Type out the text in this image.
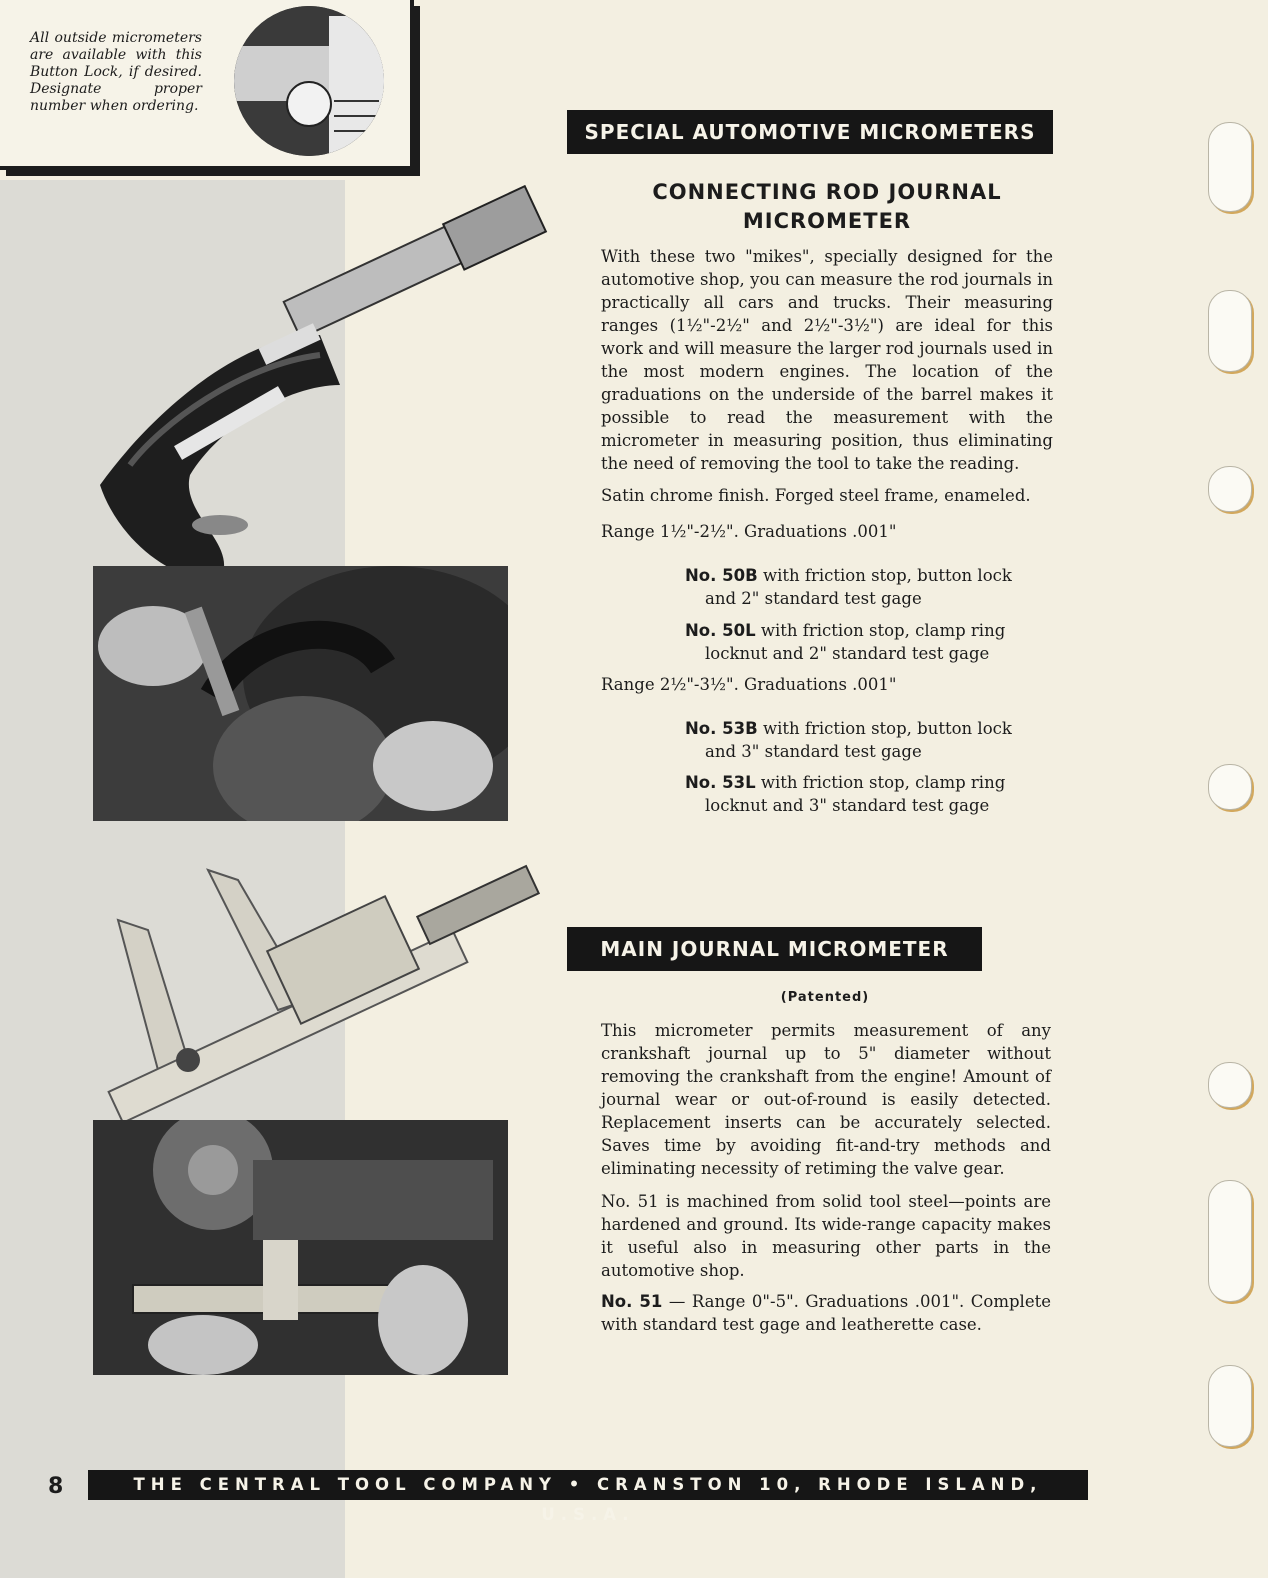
All outside micrometers are available with this Button Lock, if desired. Designate proper number when ordering.
SPECIAL AUTOMOTIVE MICROMETERS
CONNECTING ROD JOURNAL
MICROMETER
With these two "mikes", specially designed for the automotive shop, you can measure the rod journals in practically all cars and trucks. Their measuring ranges (1½"-2½" and 2½"-3½") are ideal for this work and will measure the larger rod journals used in the most modern engines. The location of the graduations on the underside of the barrel makes it possible to read the measurement with the micrometer in measuring position, thus eliminating the need of removing the tool to take the reading.
Satin chrome finish. Forged steel frame, enameled.
Range 1½"-2½". Graduations .001"
No. 50B with friction stop, button lock
and 2" standard test gage
No. 50L with friction stop, clamp ring
locknut and 2" standard test gage
Range 2½"-3½". Graduations .001"
No. 53B with friction stop, button lock
and 3" standard test gage
No. 53L with friction stop, clamp ring
locknut and 3" standard test gage
MAIN JOURNAL MICROMETER
(Patented)
This micrometer permits measurement of any crankshaft journal up to 5" diameter without removing the crankshaft from the engine! Amount of journal wear or out-of-round is easily detected. Replacement inserts can be accurately selected. Saves time by avoiding fit-and-try methods and eliminating necessity of retiming the valve gear.
No. 51 is machined from solid tool steel—points are hardened and ground. Its wide-range capacity makes it useful also in measuring other parts in the automotive shop.
No. 51 — Range 0"-5". Graduations .001". Complete with standard test gage and leatherette case.
8	THE CENTRAL TOOL COMPANY • CRANSTON 10, RHODE ISLAND, U.S.A.
